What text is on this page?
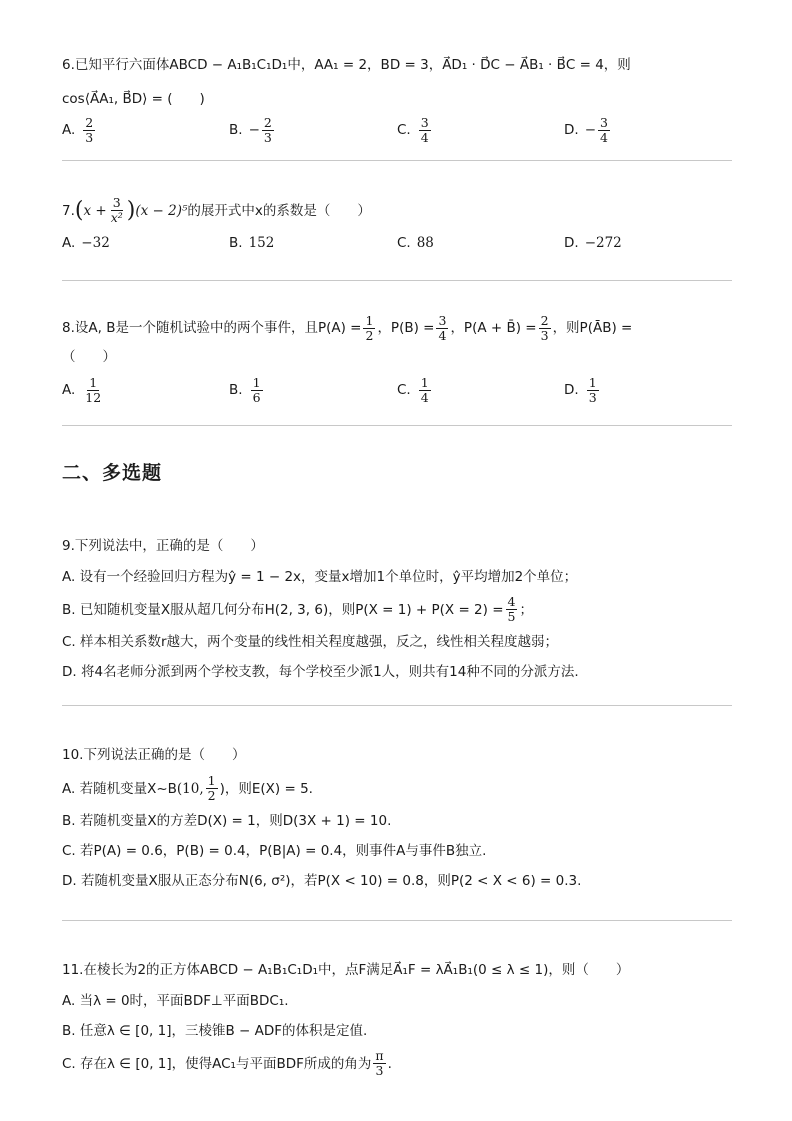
6.已知平行六面体ABCD − A₁B₁C₁D₁中，AA₁ = 2，BD = 3，A⃗D₁ · D⃗C − A⃗B₁ · B⃗C = 4，则
cos⟨A⃗A₁, B⃗D⟩ = (　　)
A. $\frac{2}{3}$	B. − $\frac{2}{3}$	C. $\frac{3}{4}$	D. − $\frac{3}{4}$
7. ( $x + \frac{3}{\text{x²}}$ ) (x − 2)⁵ 的展开式中x的系数是（　　）
A. −32	B. 152	C. 88	D. −272
8.设A, B是一个随机试验中的两个事件，且$P(A) = \frac{1}{2}$ ，$P(B) = \frac{3}{4}$ ，P(A + B̄) = $\frac{2}{3}$ ，则P(ĀB) =
（　　）
A. $\frac{1}{12}$	B. $\frac{1}{6}$	C. $\frac{1}{4}$	D. $\frac{1}{3}$
二、多选题
9.下列说法中，正确的是（　　）
A. 设有一个经验回归方程为ŷ = 1 − 2x，变量x增加1个单位时，ŷ平均增加2个单位；
B. 已知随机变量X服从超几何分布H(2, 3, 6)，则$P(X = 1) + P(X = 2) = \frac{4}{5}$ ；
C. 样本相关系数r越大，两个变量的线性相关程度越强，反之，线性相关程度越弱；
D. 将4名老师分派到两个学校支教，每个学校至少派1人，则共有14种不同的分派方法.
10.下列说法正确的是（　　）
A. 若随机变量X~B (10, $\frac{1}{2}$ )，则E(X) = 5.
B. 若随机变量X的方差D(X) = 1，则D(3X + 1) = 10.
C. 若P(A) = 0.6，P(B) = 0.4，P(B|A) = 0.4，则事件A与事件B独立.
D. 若随机变量X服从正态分布N(6, σ²)，若P(X < 10) = 0.8，则P(2 < X < 6) = 0.3.
11.在棱长为2的正方体ABCD − A₁B₁C₁D₁中，点F满足A⃗₁F = λA⃗₁B₁(0 ≤ λ ≤ 1)，则（　　）
A. 当λ = 0时，平面BDF⊥平面BDC₁.
B. 任意λ ∈ [0, 1]，三棱锥B − ADF的体积是定值.
C. 存在λ ∈ [0, 1]，使得AC₁与平面BDF所成的角为 $\frac{\pi}{3}$ .
